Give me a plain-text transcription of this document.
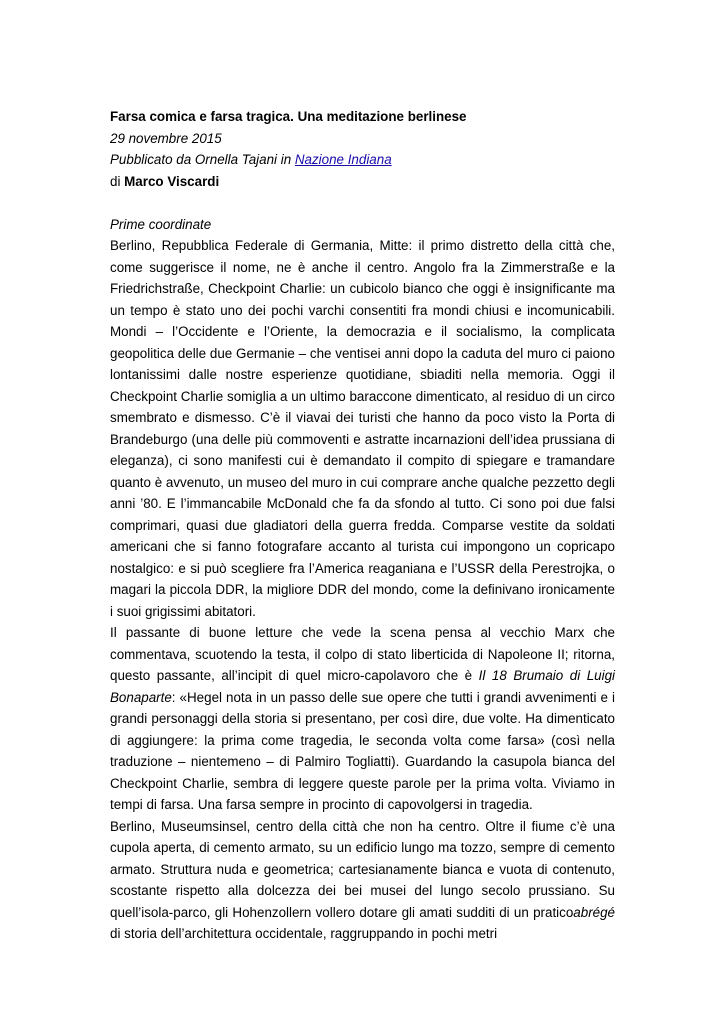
Farsa comica e farsa tragica. Una meditazione berlinese

29 novembre 2015

Pubblicato da Ornella Tajani in Nazione Indiana

di Marco Viscardi

Prime coordinate

Berlino, Repubblica Federale di Germania, Mitte: il primo distretto della città che, come suggerisce il nome, ne è anche il centro. Angolo fra la Zimmerstraße e la Friedrichstraße, Checkpoint Charlie: un cubicolo bianco che oggi è insignificante ma un tempo è stato uno dei pochi varchi consentiti fra mondi chiusi e incomunicabili. Mondi – l’Occidente e l’Oriente, la democrazia e il socialismo, la complicata geopolitica delle due Germanie – che ventisei anni dopo la caduta del muro ci paiono lontanissimi dalle nostre esperienze quotidiane, sbiaditi nella memoria. Oggi il Checkpoint Charlie somiglia a un ultimo baraccone dimenticato, al residuo di un circo smembrato e dismesso. C’è il viavai dei turisti che hanno da poco visto la Porta di Brandeburgo (una delle più commoventi e astratte incarnazioni dell’idea prussiana di eleganza), ci sono manifesti cui è demandato il compito di spiegare e tramandare quanto è avvenuto, un museo del muro in cui comprare anche qualche pezzetto degli anni ’80. E l’immancabile McDonald che fa da sfondo al tutto. Ci sono poi due falsi comprimari, quasi due gladiatori della guerra fredda. Comparse vestite da soldati americani che si fanno fotografare accanto al turista cui impongono un copricapo nostalgico: e si può scegliere fra l’America reaganiana e l’USSR della Perestrojka, o magari la piccola DDR, la migliore DDR del mondo, come la definivano ironicamente i suoi grigissimi abitatori.

Il passante di buone letture che vede la scena pensa al vecchio Marx che commentava, scuotendo la testa, il colpo di stato liberticida di Napoleone II; ritorna, questo passante, all’incipit di quel micro-capolavoro che è Il 18 Brumaio di Luigi Bonaparte: «Hegel nota in un passo delle sue opere che tutti i grandi avvenimenti e i grandi personaggi della storia si presentano, per così dire, due volte. Ha dimenticato di aggiungere: la prima come tragedia, le seconda volta come farsa» (così nella traduzione – nientemeno – di Palmiro Togliatti). Guardando la casupola bianca del Checkpoint Charlie, sembra di leggere queste parole per la prima volta. Viviamo in tempi di farsa. Una farsa sempre in procinto di capovolgersi in tragedia.

Berlino, Museumsinsel, centro della città che non ha centro. Oltre il fiume c’è una cupola aperta, di cemento armato, su un edificio lungo ma tozzo, sempre di cemento armato. Struttura nuda e geometrica; cartesianamente bianca e vuota di contenuto, scostante rispetto alla dolcezza dei bei musei del lungo secolo prussiano. Su quell’isola-parco, gli Hohenzollern vollero dotare gli amati sudditi di un praticoabrégé di storia dell’architettura occidentale, raggruppando in pochi metri
